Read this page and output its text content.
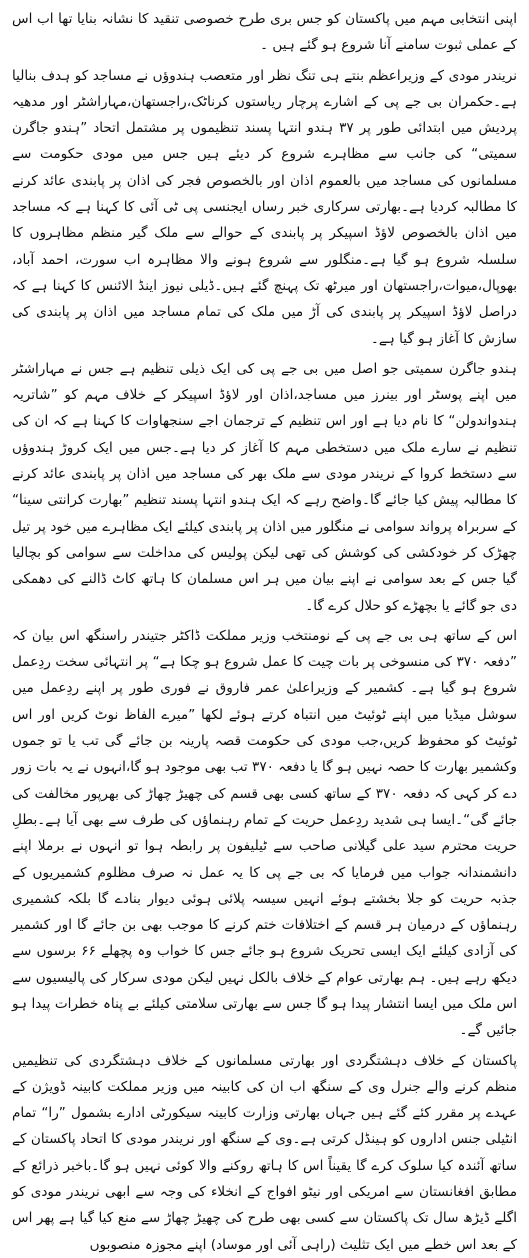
اپنی انتخابی مہم میں پاکستان کو جس بری طرح خصوصی تنقید کا نشانہ بنایا تھا اب اس کے عملی ثبوت سامنے آنا شروع ہو گئے ہیں ۔

نریندر مودی کے وزیراعظم بنتے ہی تنگ نظر اور متعصب ہندوؤں نے مساجد کو ہدف بنالیا ہے۔حکمران بی جے پی کے اشارے پرچار ریاستوں کرناٹک،راجستھان،مہاراشٹر اور مدھیہ پردیش میں ابتدائی طور پر ۳۷ ہندو انتہا پسند تنظیموں پر مشتمل اتحاد ”ہندو جاگرن سمیتی“ کی جانب سے مظاہرے شروع کر دیئے ہیں جس میں مودی حکومت سے مسلمانوں کی مساجد میں بالعموم اذان اور بالخصوص فجر کی اذان پر پابندی عائد کرنے کا مطالبہ کردیا ہے۔بھارتی سرکاری خبر رساں ایجنسی پی ٹی آئی کا کہنا ہے کہ مساجد میں اذان بالخصوص لاؤڈ اسپیکر پر پابندی کے حوالے سے ملک گیر منظم مظاہروں کا سلسلہ شروع ہو گیا ہے۔منگلور سے شروع ہونے والا مظاہرہ اب سورت، احمد آباد، بھوپال،میوات،راجستھان اور میرٹھ تک پہنچ گئے ہیں۔ڈیلی نیوز اینڈ الائنس کا کہنا ہے کہ دراصل لاؤڈ اسپیکر پر پابندی کی آڑ میں ملک کی تمام مساجد میں اذان پر پابندی کی سازش کا آغاز ہو گیا ہے۔

ہندو جاگرن سمیتی جو اصل میں بی جے پی کی ایک ذیلی تنظیم ہے جس نے مہاراشٹر میں اپنے پوسٹر اور بینرز میں مساجد،اذان اور لاؤڈ اسپیکر کے خلاف مہم کو ”شاتریہ ہندواندولن“ کا نام دیا ہے اور اس تنظیم کے ترجمان اجے سنجھاوات کا کہنا ہے کہ ان کی تنظیم نے سارے ملک میں دستخطی مہم کا آغاز کر دیا ہے۔جس میں ایک کروڑ ہندوؤں سے دستخط کروا کے نریندر مودی سے ملک بھر کی مساجد میں اذان پر پابندی عائد کرنے کا مطالبہ پیش کیا جائے گا۔واضح رہے کہ ایک ہندو انتہا پسند تنظیم ”بھارت کرانتی سینا“ کے سربراہ پرواند سوامی نے منگلور میں اذان پر پابندی کیلئے ایک مظاہرے میں خود پر تیل چھڑک کر خودکشی کی کوشش کی تھی لیکن پولیس کی مداخلت سے سوامی کو بچالیا گیا جس کے بعد سوامی نے اپنے بیان میں ہر اس مسلمان کا ہاتھ کاٹ ڈالنے کی دھمکی دی جو گائے یا بچھڑے کو حلال کرے گا۔

اس کے ساتھ ہی بی جے پی کے نومنتخب وزیر مملکت ڈاکٹر جتیندر راسنگھ اس بیان کہ ”دفعہ ۳۷۰ کی منسوخی پر بات چیت کا عمل شروع ہو چکا ہے“ پر انتہائی سخت ردِعمل شروع ہو گیا ہے۔ کشمیر کے وزیراعلیٰ عمر فاروق نے فوری طور پر اپنے ردِعمل میں سوشل میڈیا میں اپنے ٹوئیٹ میں انتباہ کرتے ہوئے لکھا ”میرے الفاظ نوٹ کریں اور اس ٹوئیٹ کو محفوظ کریں،جب مودی کی حکومت قصہ پارینہ بن جائے گی تب یا تو جموں وکشمیر بھارت کا حصہ نہیں ہو گا یا دفعہ ۳۷۰ تب بھی موجود ہو گا،انہوں نے یہ بات زور دے کر کہی کہ دفعہ ۳۷۰ کے ساتھ کسی بھی قسم کی چھیڑ چھاڑ کی بھرپور مخالفت کی جائے گی“۔ایسا ہی شدید ردِعمل حریت کے تمام رہنماؤں کی طرف سے بھی آیا ہے۔بطلِ حریت محترم سید علی گیلانی صاحب سے ٹیلیفون پر رابطہ ہوا تو انہوں نے برملا اپنے دانشمندانہ جواب میں فرمایا کہ بی جے پی کا یہ عمل نہ صرف مظلوم کشمیریوں کے جذبہ حریت کو جلا بخشتے ہوئے انہیں سیسہ پلائی ہوئی دیوار بنادے گا بلکہ کشمیری رہنماؤں کے درمیان ہر قسم کے اختلافات ختم کرنے کا موجب بھی بن جائے گا اور کشمیر کی آزادی کیلئے ایک ایسی تحریک شروع ہو جائے جس کا خواب وہ پچھلے ۶۶ برسوں سے دیکھ رہے ہیں۔ ہم بھارتی عوام کے خلاف بالکل نہیں لیکن مودی سرکار کی پالیسیوں سے اس ملک میں ایسا انتشار پیدا ہو گا جس سے بھارتی سلامتی کیلئے بے پناہ خطرات پیدا ہو جائیں گے۔

پاکستان کے خلاف دہشتگردی اور بھارتی مسلمانوں کے خلاف دہشتگردی کی تنظیمیں منظم کرنے والے جنرل وی کے سنگھ اب ان کی کابینہ میں وزیر مملکت کابینہ ڈویژن کے عہدے پر مقرر کئے گئے ہیں جہاں بھارتی وزارت کابینہ سیکورٹی ادارے بشمول ”را“ تمام انٹیلی جنس اداروں کو ہینڈل کرتی ہے۔وی کے سنگھ اور نریندر مودی کا اتحاد پاکستان کے ساتھ آئندہ کیا سلوک کرے گا یقیناً اس کا ہاتھ روکنے والا کوئی نہیں ہو گا۔باخبر ذرائع کے مطابق افغانستان سے امریکی اور نیٹو افواج کے انخلاء کی وجہ سے ابھی نریندر مودی کو اگلے ڈیڑھ سال تک پاکستان سے کسی بھی طرح کی چھیڑ چھاڑ سے منع کیا گیا ہے پھر اس کے بعد اس خطے میں ایک تثلیث (راہی آئی اور موساد) اپنے مجوزہ منصوبوں
